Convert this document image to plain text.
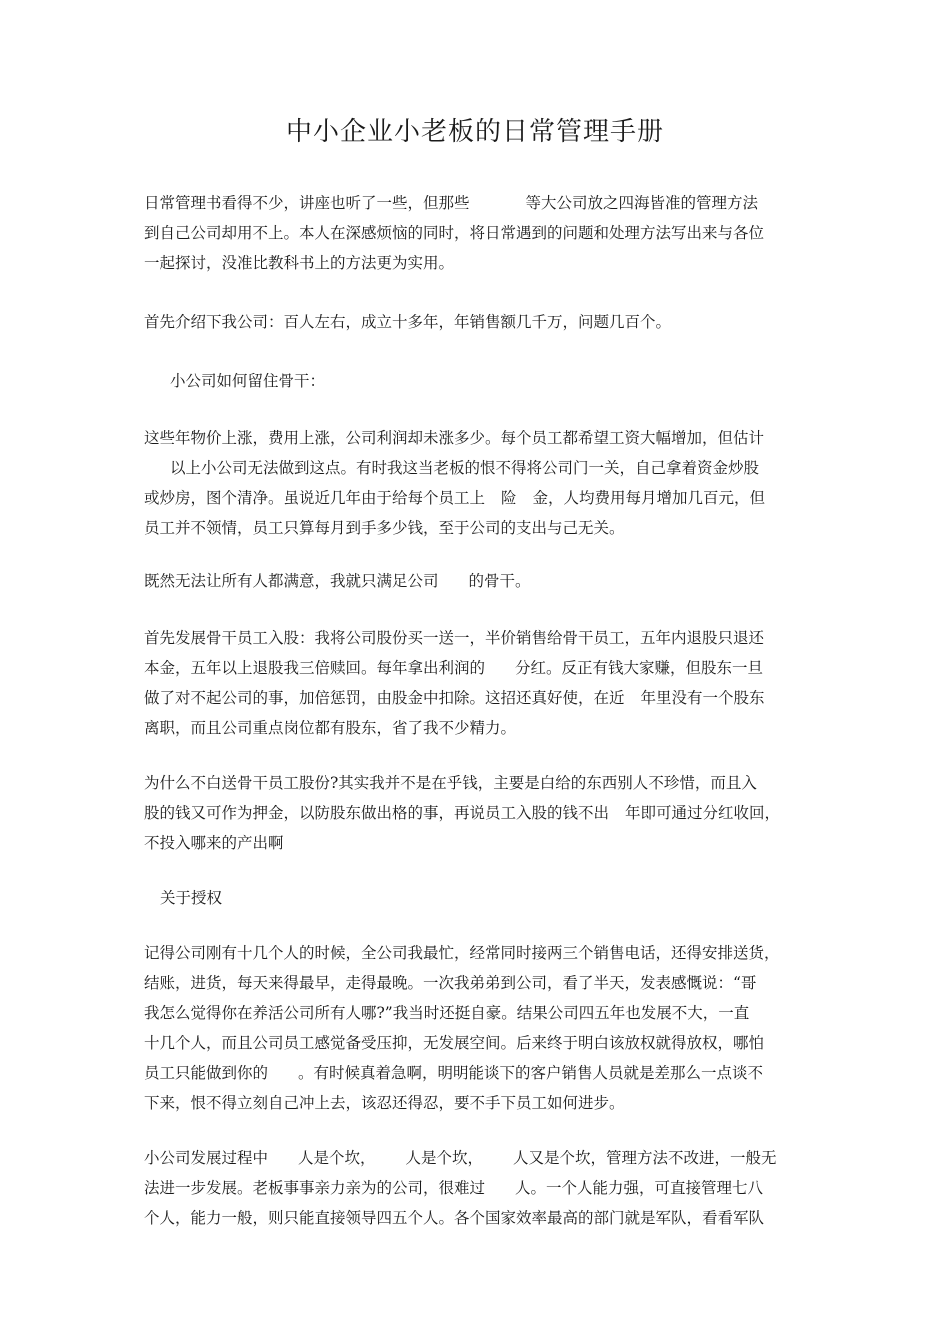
中小企业小老板的日常管理手册
日常管理书看得不少，讲座也听了一些，但那些	等大公司放之四海皆准的管理方法
到自己公司却用不上。本人在深感烦恼的同时，将日常遇到的问题和处理方法写出来与各位
一起探讨，没准比教科书上的方法更为实用。
首先介绍下我公司：百人左右，成立十多年，年销售额几千万，问题几百个。
小公司如何留住骨干：
这些年物价上涨，费用上涨，公司利润却未涨多少。每个员工都希望工资大幅增加，但估计
以上小公司无法做到这点。有时我这当老板的恨不得将公司门一关，自己拿着资金炒股
或炒房，图个清净。虽说近几年由于给每个员工上 险 金，人均费用每月增加几百元，但
员工并不领情，员工只算每月到手多少钱，至于公司的支出与己无关。
既然无法让所有人都满意，我就只满足公司 的骨干。
首先发展骨干员工入股：我将公司股份买一送一，半价销售给骨干员工，五年内退股只退还
本金，五年以上退股我三倍赎回。每年拿出利润的 分红。反正有钱大家赚，但股东一旦
做了对不起公司的事，加倍惩罚，由股金中扣除。这招还真好使，在近 年里没有一个股东
离职，而且公司重点岗位都有股东，省了我不少精力。
为什么不白送骨干员工股份?其实我并不是在乎钱，主要是白给的东西别人不珍惜，而且入
股的钱又可作为押金，以防股东做出格的事，再说员工入股的钱不出 年即可通过分红收回，
不投入哪来的产出啊
关于授权
记得公司刚有十几个人的时候，全公司我最忙，经常同时接两三个销售电话，还得安排送货，
结账，进货，每天来得最早，走得最晚。一次我弟弟到公司，看了半天，发表感慨说：“哥
我怎么觉得你在养活公司所有人哪?”我当时还挺自豪。结果公司四五年也发展不大，一直
十几个人，而且公司员工感觉备受压抑，无发展空间。后来终于明白该放权就得放权，哪怕
员工只能做到你的 。有时候真着急啊，明明能谈下的客户销售人员就是差那么一点谈不
下来，恨不得立刻自己冲上去，该忍还得忍，要不手下员工如何进步。
小公司发展过程中 人是个坎， 人是个坎， 人又是个坎，管理方法不改进，一般无
法进一步发展。老板事事亲力亲为的公司，很难过 人。一个人能力强，可直接管理七八
个人，能力一般，则只能直接领导四五个人。各个国家效率最高的部门就是军队，看看军队
